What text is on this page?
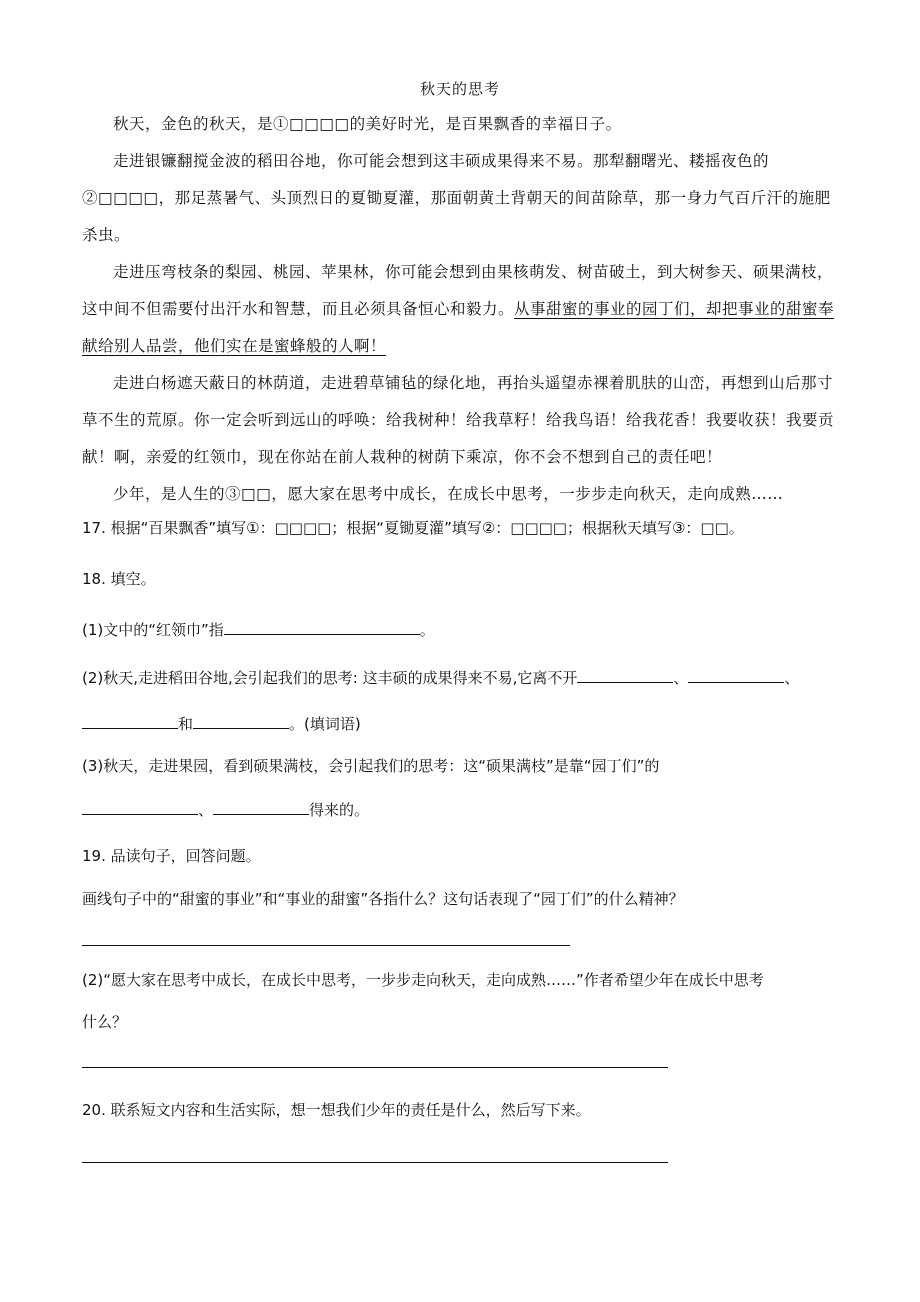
秋天的思考

秋天，金色的秋天，是①□□□□的美好时光，是百果飘香的幸福日子。

走进银镰翻搅金波的稻田谷地，你可能会想到这丰硕成果得来不易。那犁翻曙光、耧摇夜色的②□□□□，那足蒸暑气、头顶烈日的夏锄夏灌，那面朝黄土背朝天的间苗除草，那一身力气百斤汗的施肥杀虫。

走进压弯枝条的梨园、桃园、苹果林，你可能会想到由果核萌发、树苗破土，到大树参天、硕果满枝，这中间不但需要付出汗水和智慧，而且必须具备恒心和毅力。从事甜蜜的事业的园丁们，却把事业的甜蜜奉献给别人品尝，他们实在是蜜蜂般的人啊！

走进白杨遮天蔽日的林荫道，走进碧草铺毡的绿化地，再抬头遥望赤裸着肌肤的山峦，再想到山后那寸草不生的荒原。你一定会听到远山的呼唤：给我树种！给我草籽！给我鸟语！给我花香！我要收获！我要贡献！啊，亲爱的红领巾，现在你站在前人栽种的树荫下乘凉，你不会不想到自己的责任吧！

少年，是人生的③□□，愿大家在思考中成长，在成长中思考，一步步走向秋天，走向成熟……

17. 根据“百果飘香”填写①：□□□□；根据“夏锄夏灌”填写②：□□□□；根据秋天填写③：□□。
18. 填空。
(1)文中的“红领巾”指	。
(2)秋天,走进稻田谷地,会引起我们的思考: 这丰硕的成果得来不易,它离不开	、	、
和	。(填词语)
(3)秋天，走进果园，看到硕果满枝，会引起我们的思考：这“硕果满枝”是靠“园丁们”的
、	得来的。
19. 品读句子，回答问题。
画线句子中的“甜蜜的事业”和“事业的甜蜜”各指什么？这句话表现了“园丁们”的什么精神？
(2)“愿大家在思考中成长，在成长中思考，一步步走向秋天，走向成熟……”作者希望少年在成长中思考
什么？
20. 联系短文内容和生活实际，想一想我们少年的责任是什么，然后写下来。
